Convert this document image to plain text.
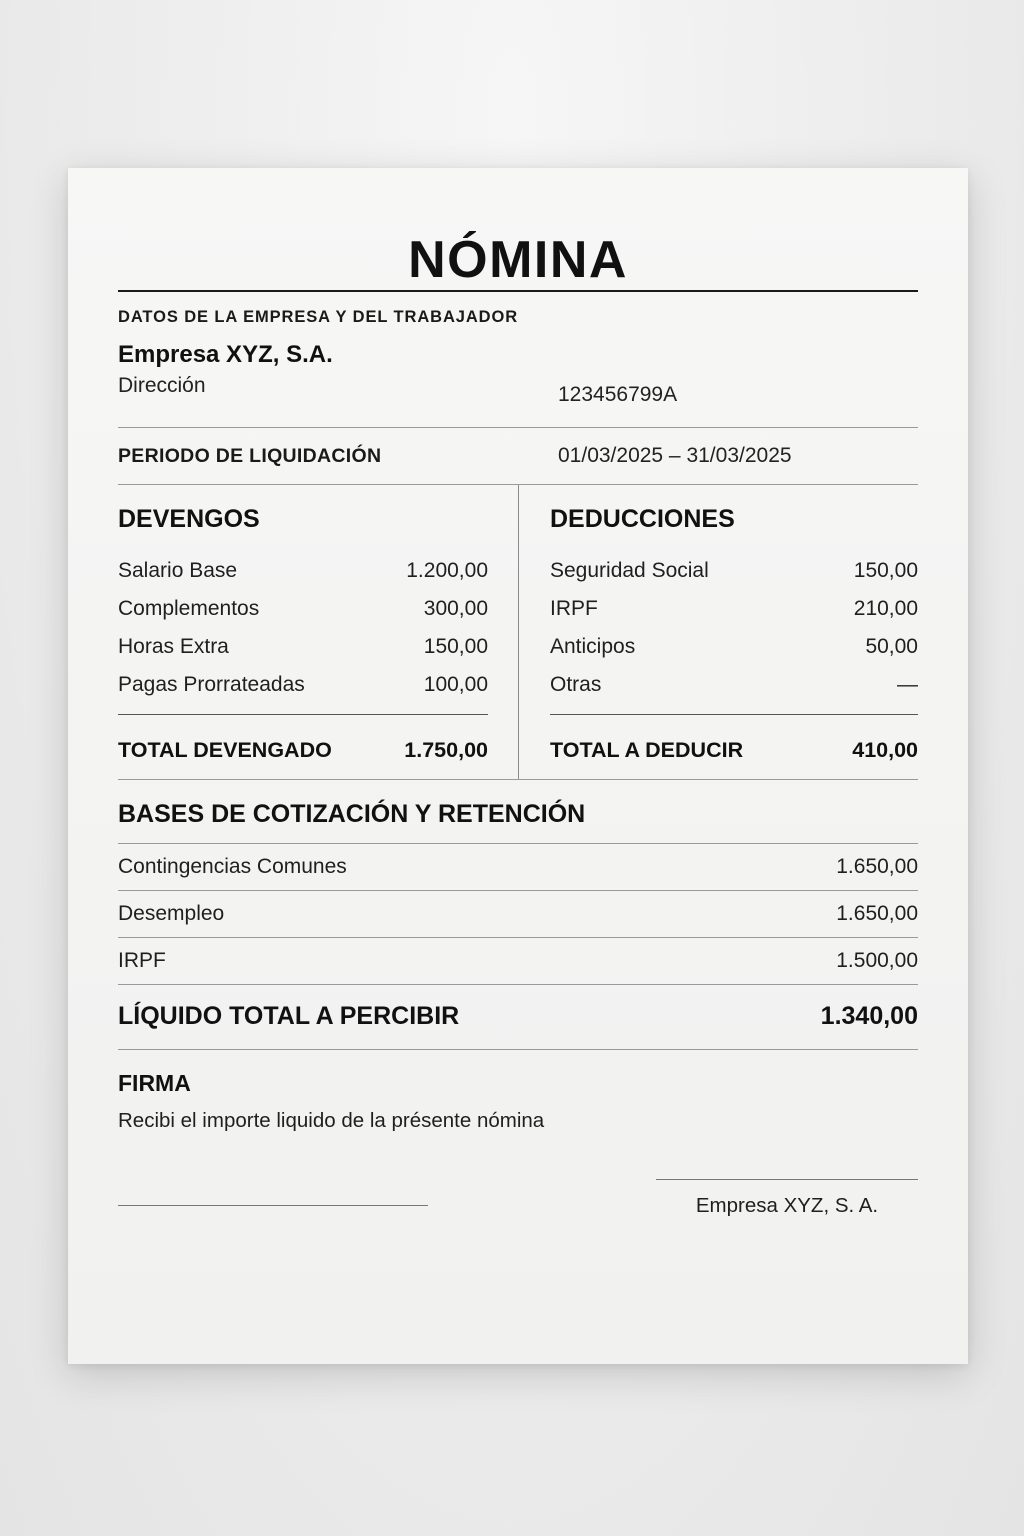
NÓMINA
DATOS DE LA EMPRESA Y DEL TRABAJADOR
Empresa XYZ, S.A.
Dirección	123456799A
PERIODO DE LIQUIDACIÓN	01/03/2025 – 31/03/2025
DEVENGOS
Salario Base	1.200,00
Complementos	300,00
Horas Extra	150,00
Pagas Prorrateadas	100,00
TOTAL DEVENGADO	1.750,00
DEDUCCIONES
Seguridad Social	150,00
IRPF	210,00
Anticipos	50,00
Otras	—
TOTAL A DEDUCIR	410,00
BASES DE COTIZACIÓN Y RETENCIÓN
Contingencias Comunes	1.650,00
Desempleo	1.650,00
IRPF	1.500,00
LÍQUIDO TOTAL A PERCIBIR	1.340,00
FIRMA
Recibi el importe liquido de la présente nómina
Empresa XYZ, S. A.
